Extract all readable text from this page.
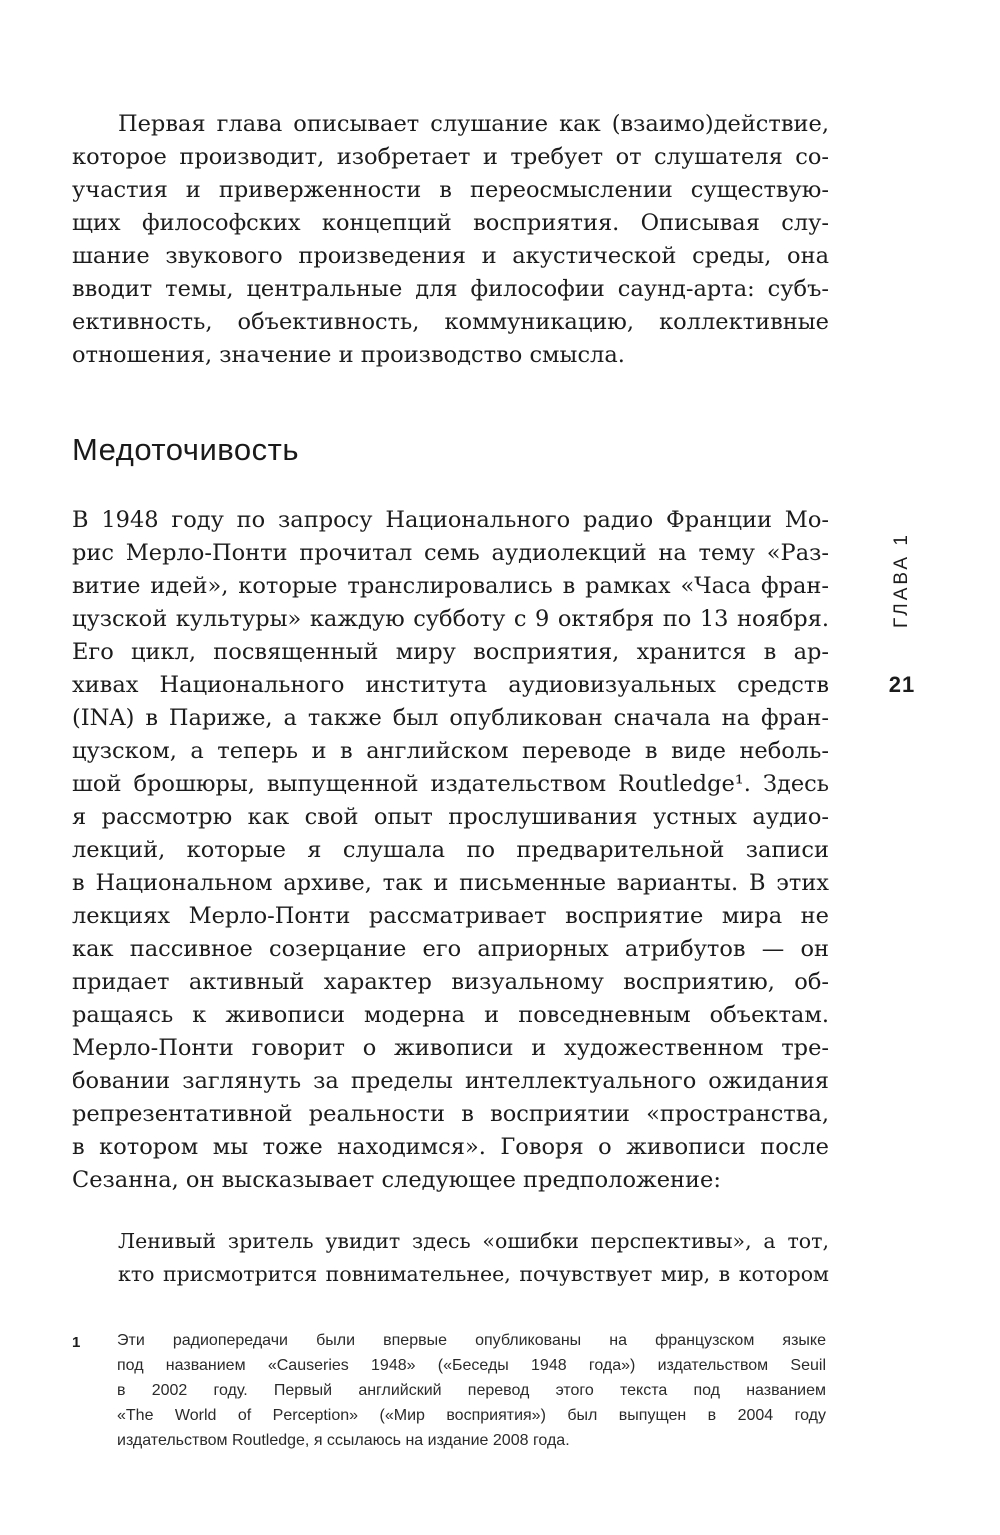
Первая глава описывает слушание как (взаимо)действие,
которое производит, изобретает и требует от слушателя со-
участия и приверженности в переосмыслении существую-
щих философских концепций восприятия. Описывая слу-
шание звукового произведения и акустической среды, она
вводит темы, центральные для философии саунд-арта: субъ-
ективность, объективность, коммуникацию, коллективные
отношения, значение и производство смысла.
Медоточивость
В 1948 году по запросу Национального радио Франции Мо-
рис Мерло-Понти прочитал семь аудиолекций на тему «Раз-
витие идей», которые транслировались в рамках «Часа фран-
цузской культуры» каждую субботу с 9 октября по 13 ноября.
Его цикл, посвященный миру восприятия, хранится в ар-
хивах Национального института аудиовизуальных средств
(INA) в Париже, а также был опубликован сначала на фран-
цузском, а теперь и в английском переводе в виде неболь-
шой брошюры, выпущенной издательством Routledge¹. Здесь
я рассмотрю как свой опыт прослушивания устных аудио-
лекций, которые я слушала по предварительной записи
в Национальном архиве, так и письменные варианты. В этих
лекциях Мерло-Понти рассматривает восприятие мира не
как пассивное созерцание его априорных атрибутов — он
придает активный характер визуальному восприятию, об-
ращаясь к живописи модерна и повседневным объектам.
Мерло-Понти говорит о живописи и художественном тре-
бовании заглянуть за пределы интеллектуального ожидания
репрезентативной реальности в восприятии «пространства,
в котором мы тоже находимся». Говоря о живописи после
Сезанна, он высказывает следующее предположение:
Ленивый зритель увидит здесь «ошибки перспективы», а тот,
кто присмотрится повнимательнее, почувствует мир, в котором
ГЛАВА 1
21
1 Эти радиопередачи были впервые опубликованы на французском языке
под названием «Causeries 1948» («Беседы 1948 года») издательством Seuil
в 2002 году. Первый английский перевод этого текста под названием
«The World of Perception» («Мир восприятия») был выпущен в 2004 году
издательством Routledge, я ссылаюсь на издание 2008 года.
